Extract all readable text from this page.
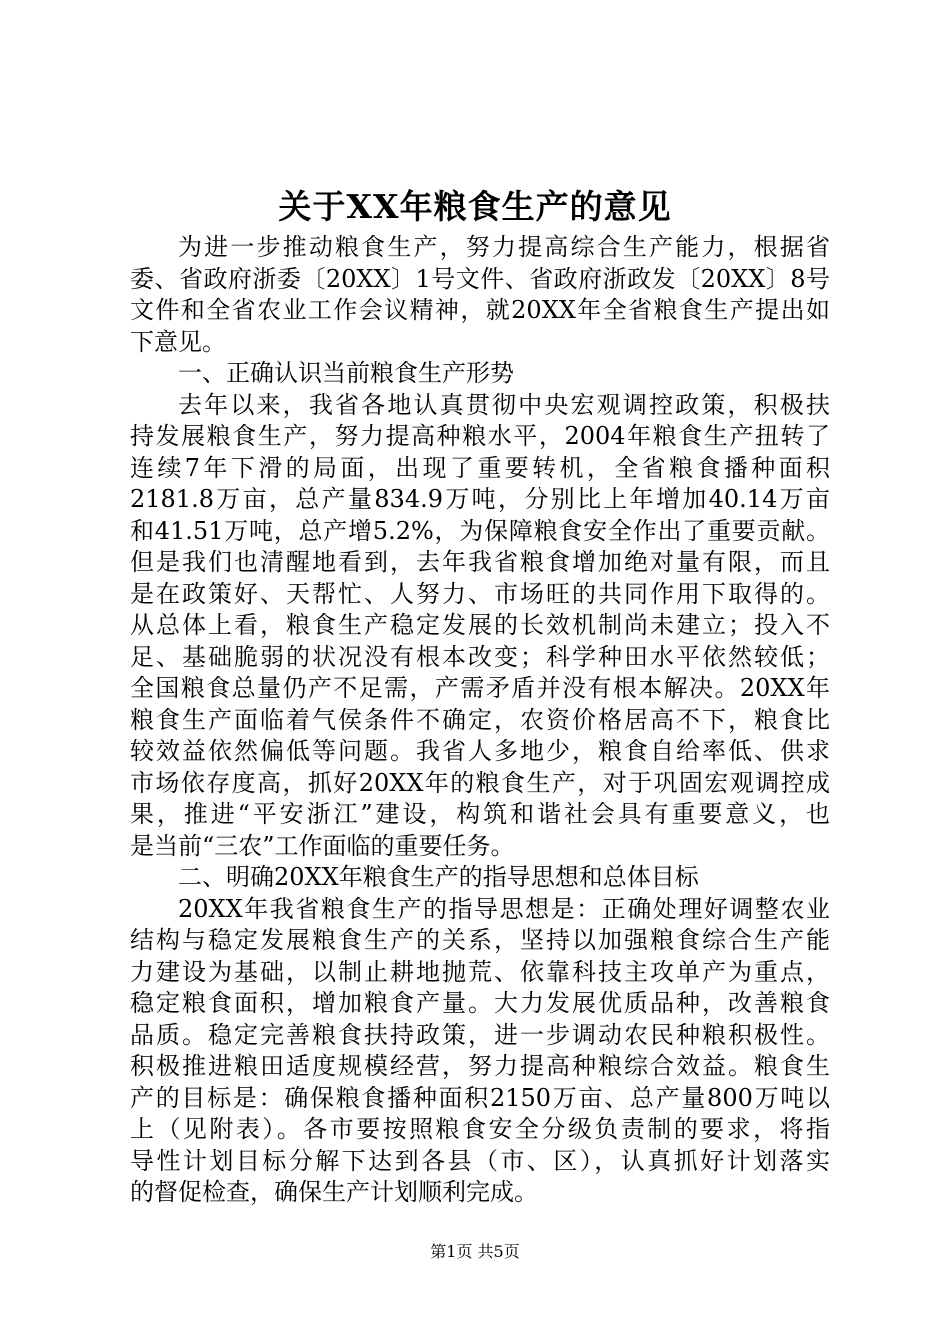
关于XX年粮食生产的意见
为进一步推动粮食生产，努力提高综合生产能力，根据省
委、省政府浙委〔20XX〕1号文件、省政府浙政发〔20XX〕8号
文件和全省农业工作会议精神，就20XX年全省粮食生产提出如
下意见。
一、正确认识当前粮食生产形势
去年以来，我省各地认真贯彻中央宏观调控政策，积极扶
持发展粮食生产，努力提高种粮水平，2004年粮食生产扭转了
连续7年下滑的局面，出现了重要转机，全省粮食播种面积
2181.8万亩，总产量834.9万吨，分别比上年增加40.14万亩
和41.51万吨，总产增5.2%，为保障粮食安全作出了重要贡献。
但是我们也清醒地看到，去年我省粮食增加绝对量有限，而且
是在政策好、天帮忙、人努力、市场旺的共同作用下取得的。
从总体上看，粮食生产稳定发展的长效机制尚未建立；投入不
足、基础脆弱的状况没有根本改变；科学种田水平依然较低；
全国粮食总量仍产不足需，产需矛盾并没有根本解决。20XX年
粮食生产面临着气侯条件不确定，农资价格居高不下，粮食比
较效益依然偏低等问题。我省人多地少，粮食自给率低、供求
市场依存度高，抓好20XX年的粮食生产，对于巩固宏观调控成
果，推进“平安浙江”建设，构筑和谐社会具有重要意义，也
是当前“三农”工作面临的重要任务。
二、明确20XX年粮食生产的指导思想和总体目标
20XX年我省粮食生产的指导思想是：正确处理好调整农业
结构与稳定发展粮食生产的关系，坚持以加强粮食综合生产能
力建设为基础，以制止耕地抛荒、依靠科技主攻单产为重点，
稳定粮食面积，增加粮食产量。大力发展优质品种，改善粮食
品质。稳定完善粮食扶持政策，进一步调动农民种粮积极性。
积极推进粮田适度规模经营，努力提高种粮综合效益。粮食生
产的目标是：确保粮食播种面积2150万亩、总产量800万吨以
上（见附表）。各市要按照粮食安全分级负责制的要求，将指
导性计划目标分解下达到各县（市、区），认真抓好计划落实
的督促检查，确保生产计划顺利完成。
第1页 共5页
